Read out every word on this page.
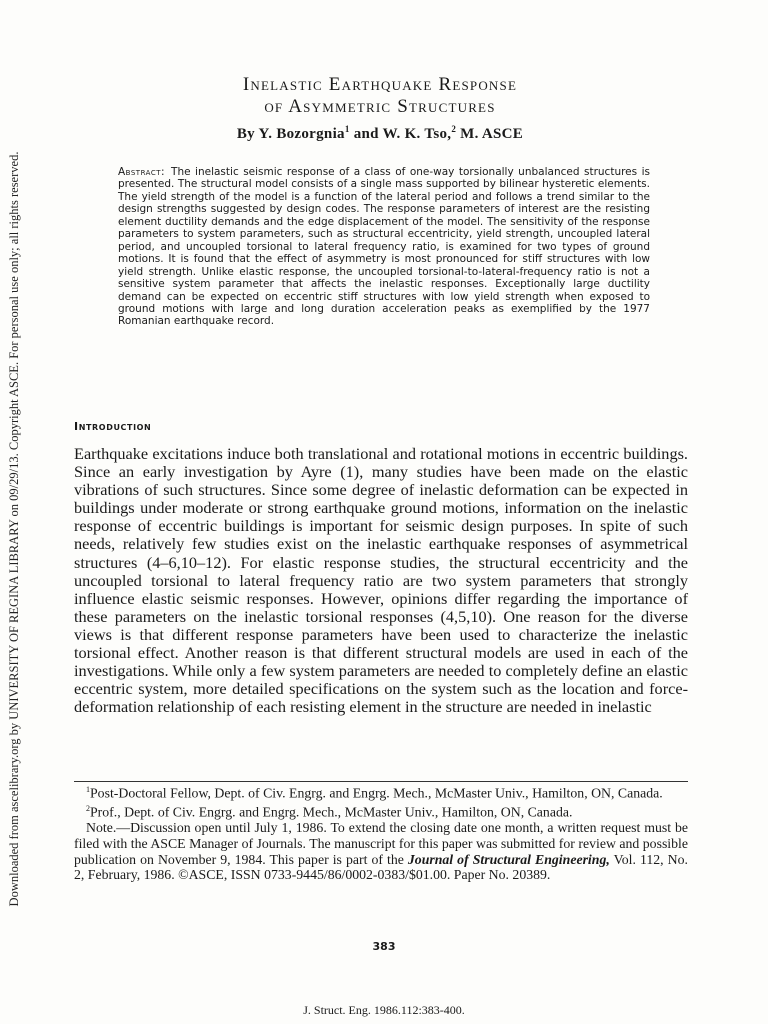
Downloaded from ascelibrary.org by UNIVERSITY OF REGINA LIBRARY on 09/29/13. Copyright ASCE. For personal use only; all rights reserved.
Inelastic Earthquake Response
of Asymmetric Structures
By Y. Bozorgnia$^1$ and W. K. Tso,$^2$ M. ASCE
Abstract: The inelastic seismic response of a class of one-way torsionally unbalanced structures is presented. The structural model consists of a single mass supported by bilinear hysteretic elements. The yield strength of the model is a function of the lateral period and follows a trend similar to the design strengths suggested by design codes. The response parameters of interest are the resisting element ductility demands and the edge displacement of the model. The sensitivity of the response parameters to system parameters, such as structural eccentricity, yield strength, uncoupled lateral period, and uncoupled torsional to lateral frequency ratio, is examined for two types of ground motions. It is found that the effect of asymmetry is most pronounced for stiff structures with low yield strength. Unlike elastic response, the uncoupled torsional-to-lateral-frequency ratio is not a sensitive system parameter that affects the inelastic responses. Exceptionally large ductility demand can be expected on eccentric stiff structures with low yield strength when exposed to ground motions with large and long duration acceleration peaks as exemplified by the 1977 Romanian earthquake record.
Introduction
Earthquake excitations induce both translational and rotational motions in eccentric buildings. Since an early investigation by Ayre (1), many studies have been made on the elastic vibrations of such structures. Since some degree of inelastic deformation can be expected in buildings under moderate or strong earthquake ground motions, information on the inelastic response of eccentric buildings is important for seismic design purposes. In spite of such needs, relatively few studies exist on the inelastic earthquake responses of asymmetrical structures (4–6,10–12). For elastic response studies, the structural eccentricity and the uncoupled torsional to lateral frequency ratio are two system parameters that strongly influence elastic seismic responses. However, opinions differ regarding the importance of these parameters on the inelastic torsional responses (4,5,10). One reason for the diverse views is that different response parameters have been used to characterize the inelastic torsional effect. Another reason is that different structural models are used in each of the investigations. While only a few system parameters are needed to completely define an elastic eccentric system, more detailed specifications on the system such as the location and force-deformation relationship of each resisting element in the structure are needed in inelastic

$^1$Post-Doctoral Fellow, Dept. of Civ. Engrg. and Engrg. Mech., McMaster Univ., Hamilton, ON, Canada.

$^2$Prof., Dept. of Civ. Engrg. and Engrg. Mech., McMaster Univ., Hamilton, ON, Canada.

Note.—Discussion open until July 1, 1986. To extend the closing date one month, a written request must be filed with the ASCE Manager of Journals. The manuscript for this paper was submitted for review and possible publication on November 9, 1984. This paper is part of the Journal of Structural Engineering, Vol. 112, No. 2, February, 1986. ©ASCE, ISSN 0733-9445/86/0002-0383/$01.00. Paper No. 20389.

383
J. Struct. Eng. 1986.112:383-400.
